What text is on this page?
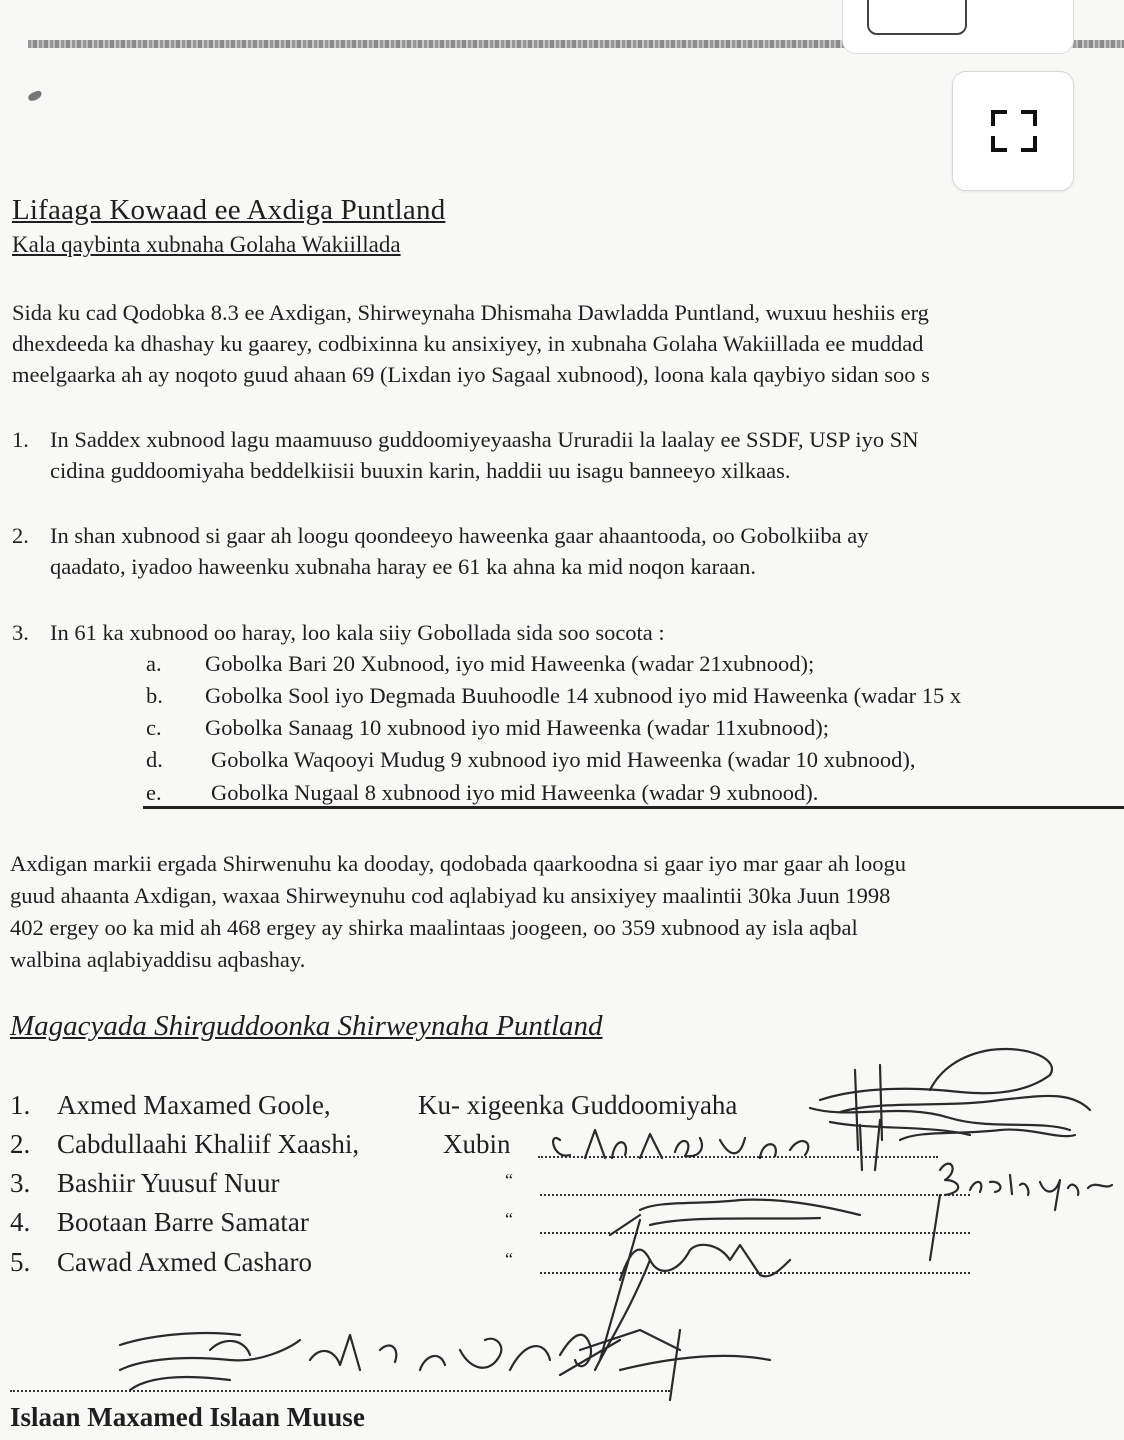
Lifaaga Kowaad ee Axdiga Puntland
Kala qaybinta xubnaha Golaha Wakiillada
Sida ku cad Qodobka 8.3 ee Axdigan, Shirweynaha Dhismaha Dawladda Puntland, wuxuu heshiis erg
dhexdeeda ka dhashay ku gaarey, codbixinna ku ansixiyey, in xubnaha Golaha Wakiillada ee muddad
meelgaarka ah ay noqoto guud ahaan 69 (Lixdan iyo Sagaal xubnood), loona kala qaybiyo sidan soo s
1. In Saddex xubnood lagu maamuuso guddoomiyeyaasha Ururadii la laalay ee SSDF, USP iyo SN
cidina guddoomiyaha beddelkiisii buuxin karin, haddii uu isagu banneeyo xilkaas.
2. In shan xubnood si gaar ah loogu qoondeeyo haweenka gaar ahaantooda, oo Gobolkiiba ay
qaadato, iyadoo haweenku xubnaha haray ee 61 ka ahna ka mid noqon karaan.
3. In 61 ka xubnood oo haray, loo kala siiy Gobollada sida soo socota :
a. Gobolka Bari 20 Xubnood, iyo mid Haweenka (wadar 21xubnood);
b. Gobolka Sool iyo Degmada Buuhoodle 14 xubnood iyo mid Haweenka (wadar 15 x
c. Gobolka Sanaag 10 xubnood iyo mid Haweenka (wadar 11xubnood);
d. Gobolka Waqooyi Mudug 9 xubnood iyo mid Haweenka (wadar 10 xubnood),
e. Gobolka Nugaal 8 xubnood iyo mid Haweenka (wadar 9 xubnood).
Axdigan markii ergada Shirwenuhu ka dooday, qodobada qaarkoodna si gaar iyo mar gaar ah loogu
guud ahaanta Axdigan, waxaa Shirweynuhu cod aqlabiyad ku ansixiyey maalintii 30ka Juun 1998
402 ergey oo ka mid ah 468 ergey ay shirka maalintaas joogeen, oo 359 xubnood ay isla aqbal
walbina aqlabiyaddisu aqbashay.
Magacyada Shirguddoonka Shirweynaha Puntland
1. Axmed Maxamed Goole,	Ku- xigeenka Guddoomiyaha
2. Cabdullaahi Khaliif Xaashi,	Xubin
3. Bashiir Yuusuf Nuur	“
4. Bootaan Barre Samatar	“
5. Cawad Axmed Casharo	“
Islaan Maxamed Islaan Muuse
